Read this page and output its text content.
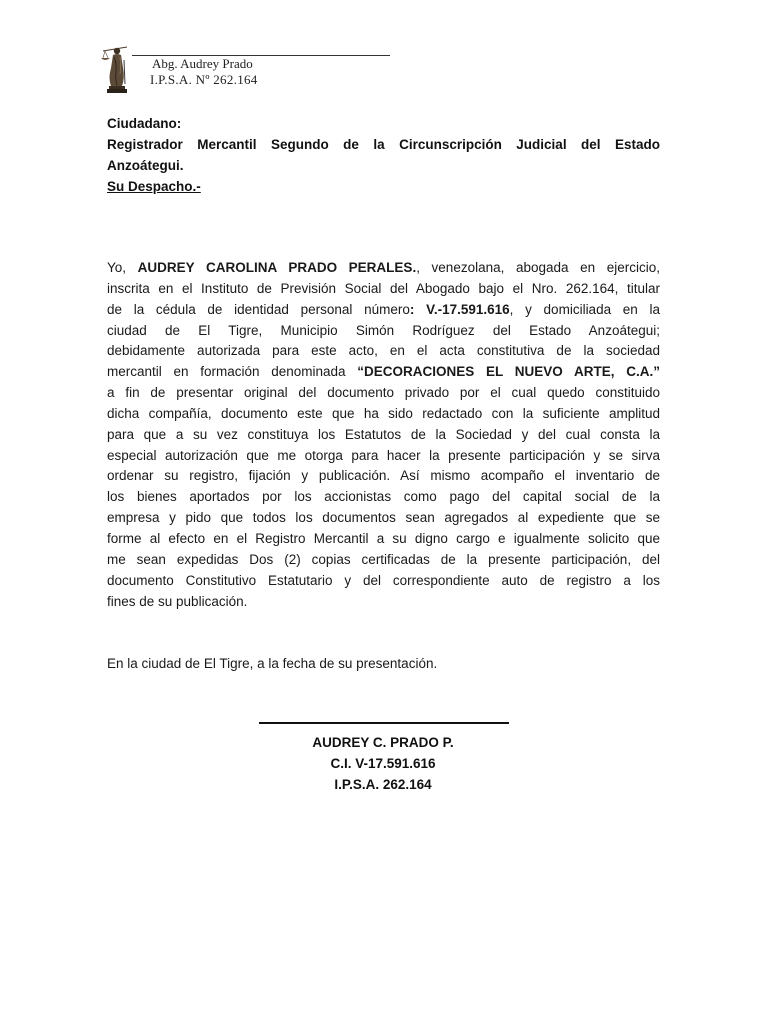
Abg. Audrey Prado
I.P.S.A. Nº 262.164
Ciudadano:
Registrador Mercantil Segundo de la Circunscripción Judicial del Estado
Anzoátegui.
Su Despacho.-
Yo, AUDREY CAROLINA PRADO PERALES., venezolana, abogada en ejercicio,
inscrita en el Instituto de Previsión Social del Abogado bajo el Nro. 262.164, titular
de la cédula de identidad personal número: V.-17.591.616, y domiciliada en la
ciudad de El Tigre, Municipio Simón Rodríguez del Estado Anzoátegui;
debidamente autorizada para este acto, en el acta constitutiva de la sociedad
mercantil en formación denominada “DECORACIONES EL NUEVO ARTE, C.A.”
a fin de presentar original del documento privado por el cual quedo constituido
dicha compañía, documento este que ha sido redactado con la suficiente amplitud
para que a su vez constituya los Estatutos de la Sociedad y del cual consta la
especial autorización que me otorga para hacer la presente participación y se sirva
ordenar su registro, fijación y publicación. Así mismo acompaño el inventario de
los bienes aportados por los accionistas como pago del capital social de la
empresa y pido que todos los documentos sean agregados al expediente que se
forme al efecto en el Registro Mercantil a su digno cargo e igualmente solicito que
me sean expedidas Dos (2) copias certificadas de la presente participación, del
documento Constitutivo Estatutario y del correspondiente auto de registro a los
fines de su publicación.
En la ciudad de El Tigre, a la fecha de su presentación.
AUDREY C. PRADO P.
C.I. V-17.591.616
I.P.S.A. 262.164
